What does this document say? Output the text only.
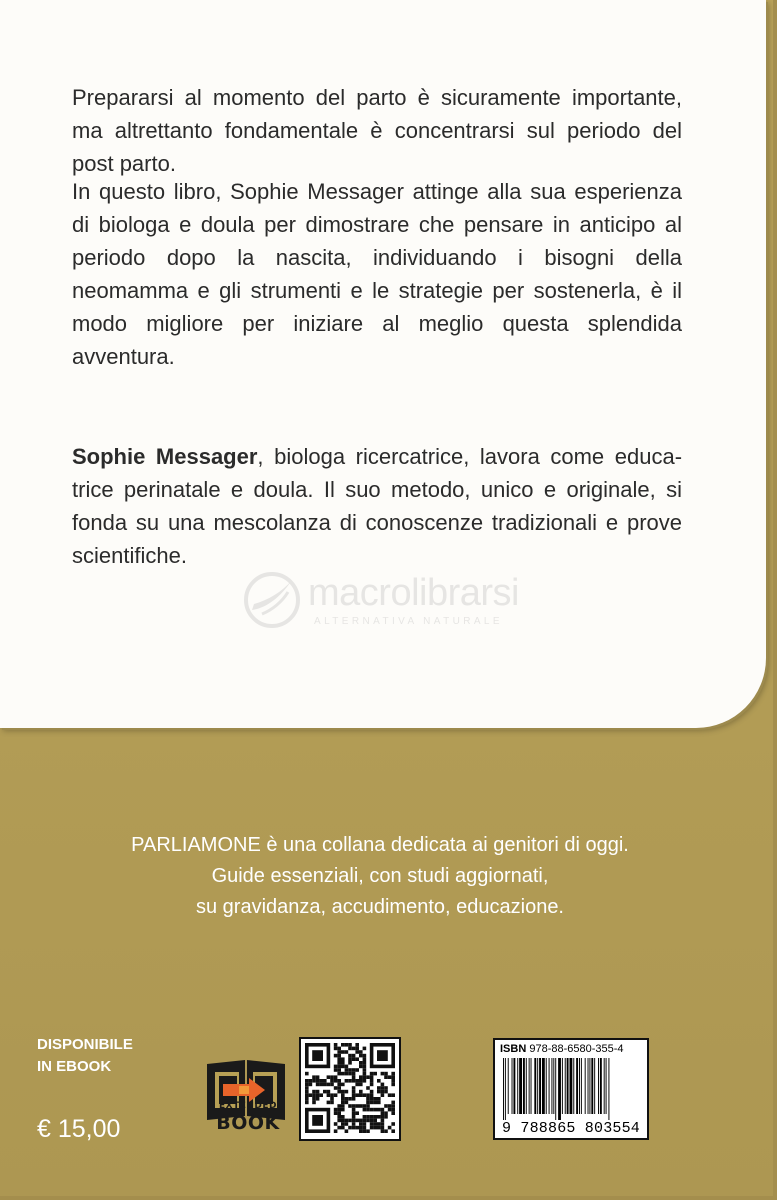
Prepararsi al momento del parto è sicuramente importante, ma altrettanto fondamentale è concentrarsi sul periodo del post parto.

In questo libro, Sophie Messager attinge alla sua esperienza di biologa e doula per dimostrare che pensare in anticipo al periodo dopo la nascita, individuando i bisogni della neomamma e gli strumenti e le strategie per sostenerla, è il modo migliore per iniziare al meglio questa splendida avventura.

Sophie Messager, biologa ricercatrice, lavora come educatrice perinatale e doula. Il suo metodo, unico e originale, si fonda su una mescolanza di conoscenze tradizionali e prove scientifiche.

macrolibrarsi
ALTERNATIVA NATURALE
PARLIAMONE è una collana dedicata ai genitori di oggi.
Guide essenziali, con studi aggiornati,
su gravidanza, accudimento, educazione.
DISPONIBILE
IN EBOOK
€ 15,00
EXTENDED
BOOK
ISBN 978-88-6580-355-4
9 788865 803554
